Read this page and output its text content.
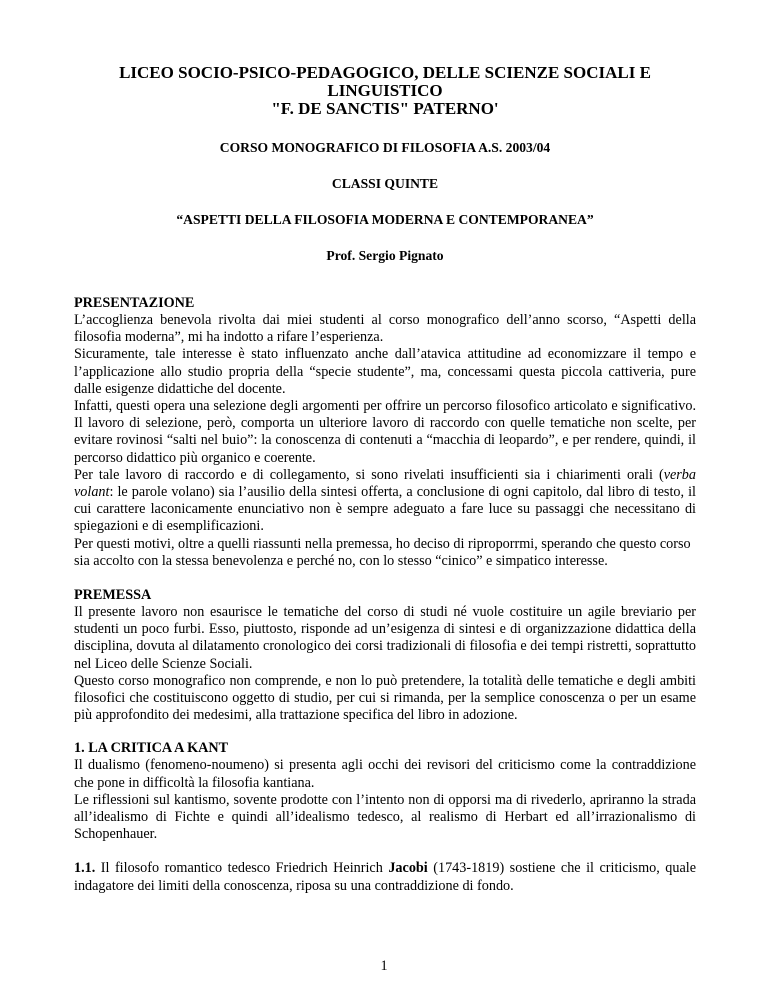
LICEO SOCIO-PSICO-PEDAGOGICO, DELLE SCIENZE SOCIALI E
LINGUISTICO
"F. DE SANCTIS" PATERNO'
CORSO MONOGRAFICO DI FILOSOFIA A.S. 2003/04
CLASSI QUINTE
“ASPETTI DELLA FILOSOFIA MODERNA E CONTEMPORANEA”
Prof. Sergio Pignato
PRESENTAZIONE

L’accoglienza benevola rivolta dai miei studenti al corso monografico dell’anno scorso, “Aspetti della filosofia moderna”, mi ha indotto a rifare l’esperienza.

Sicuramente, tale interesse è stato influenzato anche dall’atavica attitudine ad economizzare il tempo e l’applicazione allo studio propria della “specie studente”, ma, concessami questa piccola cattiveria, pure dalle esigenze didattiche del docente.

Infatti, questi opera una selezione degli argomenti per offrire un percorso filosofico articolato e significativo. Il lavoro di selezione, però, comporta un ulteriore lavoro di raccordo con quelle tematiche non scelte, per evitare rovinosi “salti nel buio”: la conoscenza di contenuti a “macchia di leopardo”, e per rendere, quindi, il percorso didattico più organico e coerente.

Per tale lavoro di raccordo e di collegamento, si sono rivelati insufficienti sia i chiarimenti orali (verba volant: le parole volano) sia l’ausilio della sintesi offerta, a conclusione di ogni capitolo, dal libro di testo, il cui carattere laconicamente enunciativo non è sempre adeguato a fare luce su passaggi che necessitano di spiegazioni e di esemplificazioni.

Per questi motivi, oltre a quelli riassunti nella premessa, ho deciso di riproporrmi, sperando che questo corso sia accolto con la stessa benevolenza e perché no, con lo stesso “cinico” e simpatico interesse.

PREMESSA

Il presente lavoro non esaurisce le tematiche del corso di studi né vuole costituire un agile breviario per studenti un poco furbi. Esso, piuttosto, risponde ad un’esigenza di sintesi e di organizzazione didattica della disciplina, dovuta al dilatamento cronologico dei corsi tradizionali di filosofia e dei tempi ristretti, soprattutto nel Liceo delle Scienze Sociali.

Questo corso monografico non comprende, e non lo può pretendere, la totalità delle tematiche e degli ambiti filosofici che costituiscono oggetto di studio, per cui si rimanda, per la semplice conoscenza o per un esame più approfondito dei medesimi, alla trattazione specifica del libro in adozione.

1. LA CRITICA A KANT

Il dualismo (fenomeno-noumeno) si presenta agli occhi dei revisori del criticismo come la contraddizione che pone in difficoltà la filosofia kantiana.

Le riflessioni sul kantismo, sovente prodotte con l’intento non di opporsi ma di rivederlo, apriranno la strada all’idealismo di Fichte e quindi all’idealismo tedesco, al realismo di Herbart ed all’irrazionalismo di Schopenhauer.

1.1. Il filosofo romantico tedesco Friedrich Heinrich Jacobi (1743-1819) sostiene che il criticismo, quale indagatore dei limiti della conoscenza, riposa su una contraddizione di fondo.

1
